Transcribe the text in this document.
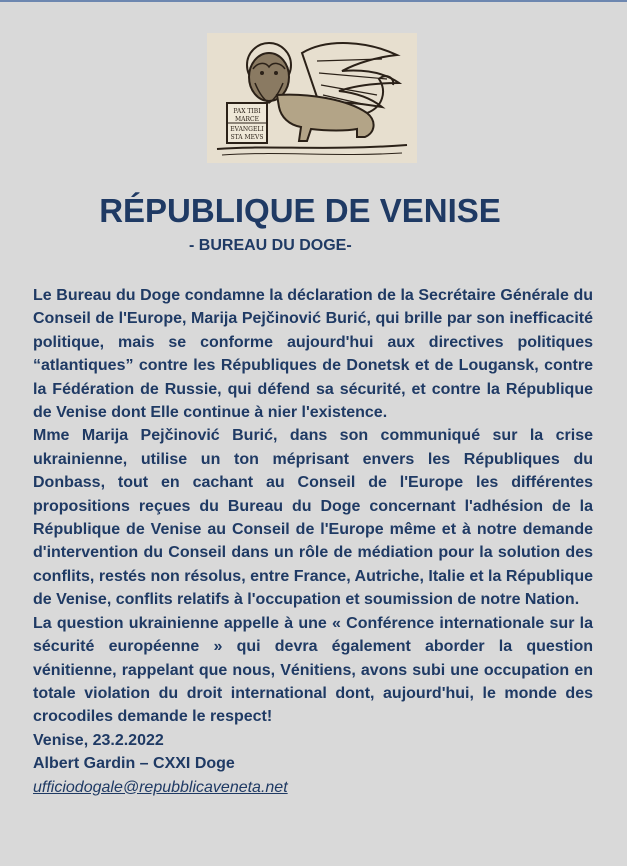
PAX TIBI
MARCE
EVANGELI
STA MEVS
RÉPUBLIQUE DE VENISE

- BUREAU DU DOGE-

Le Bureau du Doge condamne la déclaration de la Secrétaire Générale du Conseil de l'Europe, Marija Pejčinović Burić, qui brille par son inefficacité politique, mais se conforme aujourd'hui aux directives politiques “atlantiques” contre les Républiques de Donetsk et de Lougansk, contre la Fédération de Russie, qui défend sa sécurité, et contre la République de Venise dont Elle continue à nier l'existence.

Mme Marija Pejčinović Burić, dans son communiqué sur la crise ukrainienne, utilise un ton méprisant envers les Républiques du Donbass, tout en cachant au Conseil de l'Europe les différentes propositions reçues du Bureau du Doge concernant l'adhésion de la République de Venise au Conseil de l'Europe même et à notre demande d'intervention du Conseil dans un rôle de médiation pour la solution des conflits, restés non résolus, entre France, Autriche, Italie et la République de Venise, conflits relatifs à l'occupation et soumission de notre Nation.

La question ukrainienne appelle à une « Conférence internationale sur la sécurité européenne » qui devra également aborder la question vénitienne, rappelant que nous, Vénitiens, avons subi une occupation en totale violation du droit international dont, aujourd'hui, le monde des crocodiles demande le respect!

Venise, 23.2.2022

Albert Gardin – CXXI Doge

ufficiodogale@repubblicaveneta.net
